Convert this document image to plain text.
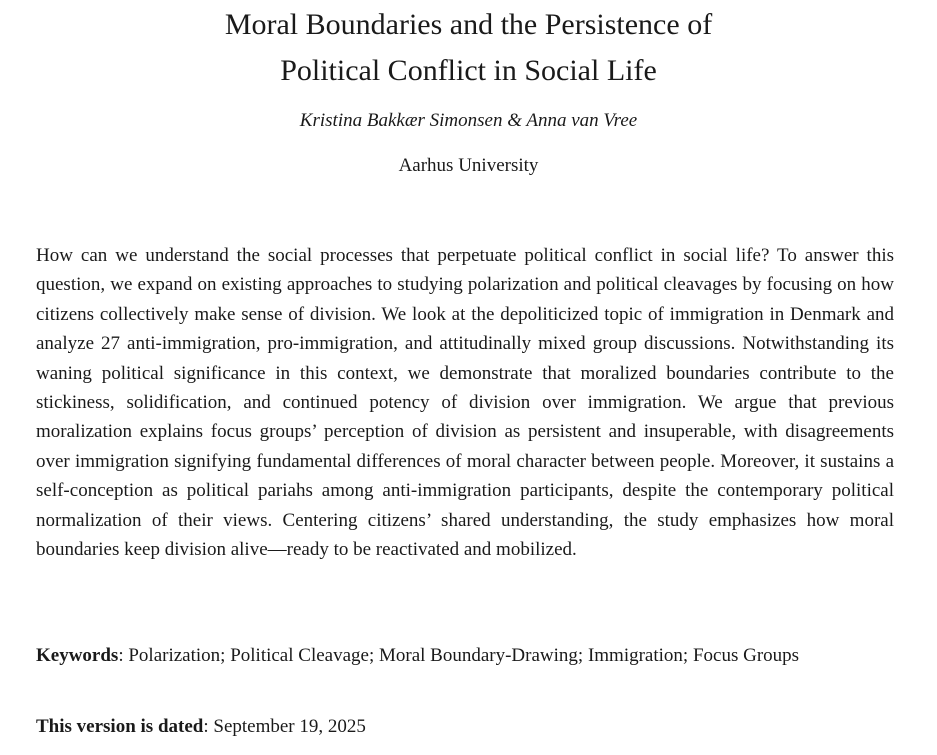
Moral Boundaries and the Persistence of
Political Conflict in Social Life
Kristina Bakkær Simonsen & Anna van Vree
Aarhus University

How can we understand the social processes that perpetuate political conflict in social life? To answer this question, we expand on existing approaches to studying polarization and political cleavages by focusing on how citizens collectively make sense of division. We look at the depoliticized topic of immigration in Denmark and analyze 27 anti-immigration, pro-immigration, and attitudinally mixed group discussions. Notwithstanding its waning political significance in this context, we demonstrate that moralized boundaries contribute to the stickiness, solidification, and continued potency of division over immigration. We argue that previous moralization explains focus groups’ perception of division as persistent and insuperable, with disagreements over immigration signifying fundamental differences of moral character between people. Moreover, it sustains a self-conception as political pariahs among anti-immigration participants, despite the contemporary political normalization of their views. Centering citizens’ shared understanding, the study emphasizes how moral boundaries keep division alive—ready to be reactivated and mobilized.

Keywords: Polarization; Political Cleavage; Moral Boundary-Drawing; Immigration; Focus Groups

This version is dated: September 19, 2025
